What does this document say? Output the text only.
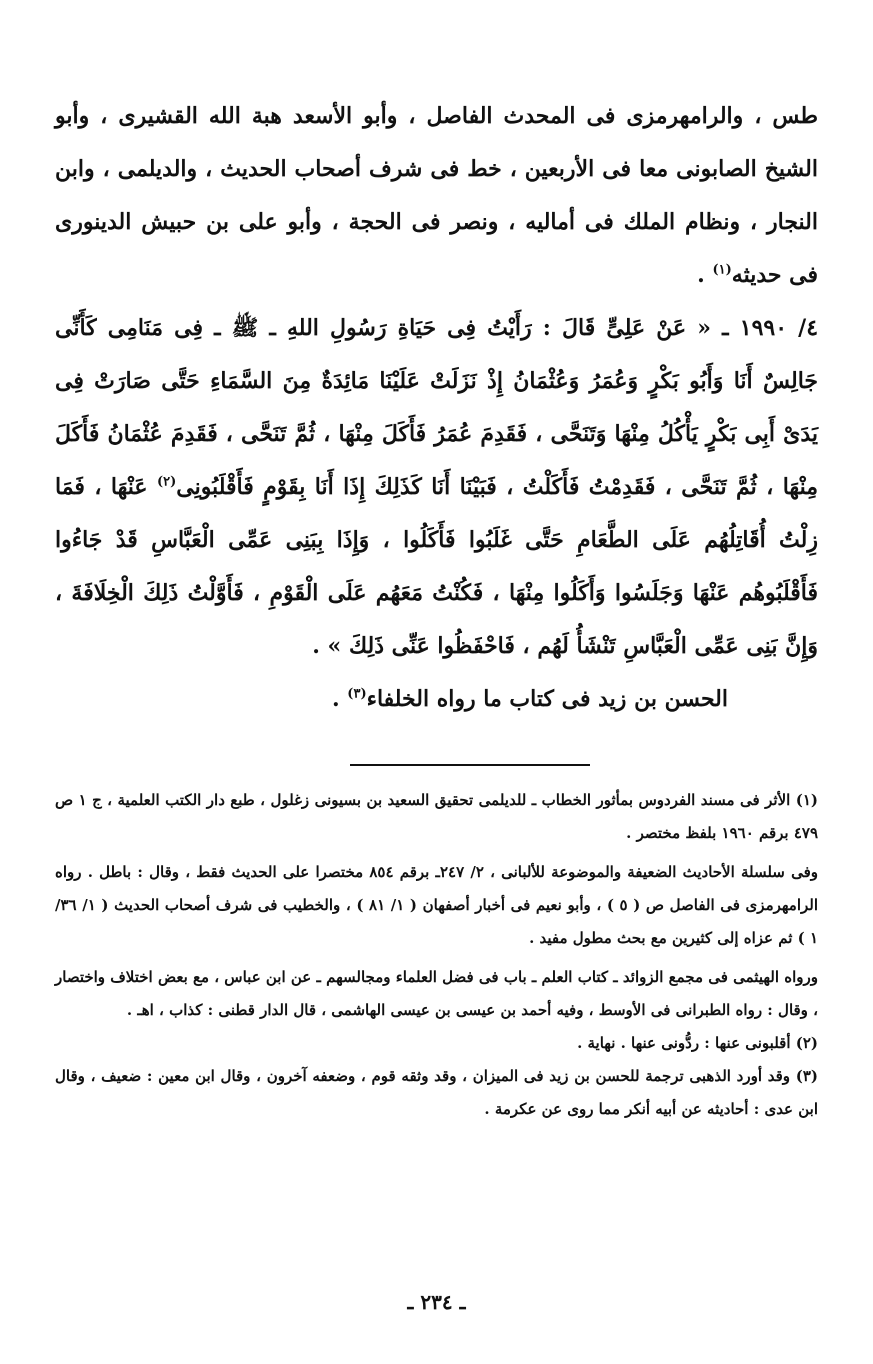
طس ، والرامهرمزى فى المحدث الفاصل ، وأبو الأسعد هبة الله القشيرى ، وأبو الشيخ الصابونى معا فى الأربعين ، خط فى شرف أصحاب الحديث ، والديلمى ، وابن النجار ، ونظام الملك فى أماليه ، ونصر فى الحجة ، وأبو على بن حبيش الدينورى فى حديثه$^{(١)}$ .

٤/ ١٩٩٠ ـ « عَنْ عَلِىٍّ قَالَ : رَأَيْتُ فِى حَيَاةِ رَسُولِ اللهِ ـ ﷺ ـ فِى مَنَامِى كَأَنِّى جَالِسٌ أَنَا وَأَبُو بَكْرٍ وَعُمَرُ وَعُثْمَانُ إِذْ نَزَلَتْ عَلَيْنَا مَائِدَةٌ مِنَ السَّمَاءِ حَتَّى صَارَتْ فِى يَدَىْ أَبِى بَكْرٍ يَأْكُلُ مِنْهَا وَتَنَحَّى ، فَقَدِمَ عُمَرُ فَأَكَلَ مِنْهَا ، ثُمَّ تَنَحَّى ، فَقَدِمَ عُثْمَانُ فَأَكَلَ مِنْهَا ، ثُمَّ تَنَحَّى ، فَقَدِمْتُ فَأَكَلْتُ ، فَبَيْنَا أَنَا كَذَلِكَ إِذَا أَنَا بِقَوْمٍ فَأَقْلَبُونِى$^{(٢)}$ عَنْهَا ، فَمَا زِلْتُ أُقَاتِلُهُم عَلَى الطَّعَامِ حَتَّى غَلَبُوا فَأَكَلُوا ، وَإِذَا بِبَنِى عَمِّى الْعَبَّاسِ قَدْ جَاءُوا فَأَقْلَبُوهُم عَنْهَا وَجَلَسُوا وَأَكَلُوا مِنْهَا ، فَكُنْتُ مَعَهُم عَلَى الْقَوْمِ ، فَأَوَّلْتُ ذَلِكَ الْخِلَافَةَ ، وَإِنَّ بَنِى عَمِّى الْعَبَّاسِ تَنْشَأُ لَهُم ، فَاحْفَظُوا عَنِّى ذَلِكَ » .

الحسن بن زيد فى كتاب ما رواه الخلفاء$^{(٣)}$ .

(١) الأثر فى مسند الفردوس بمأثور الخطاب ـ للديلمى تحقيق السعيد بن بسيونى زغلول ، طبع دار الكتب العلمية ، ج ١ ص ٤٧٩ برقم ١٩٦٠ بلفظ مختصر .

وفى سلسلة الأحاديث الضعيفة والموضوعة للألبانى ، ٢/ ٢٤٧ـ برقم ٨٥٤ مختصرا على الحديث فقط ، وقال : باطل . رواه الرامهرمزى فى الفاصل ص ( ٥ ) ، وأبو نعيم فى أخبار أصفهان ( ١/ ٨١ ) ، والخطيب فى شرف أصحاب الحديث ( ١/ ٣٦/ ١ ) ثم عزاه إلى كثيرين مع بحث مطول مفيد .

ورواه الهيثمى فى مجمع الزوائد ـ كتاب العلم ـ باب فى فضل العلماء ومجالسهم ـ عن ابن عباس ، مع بعض اختلاف واختصار ، وقال : رواه الطبرانى فى الأوسط ، وفيه أحمد بن عيسى بن عيسى الهاشمى ، قال الدار قطنى : كذاب ، اهـ .

(٢) أقلبونى عنها : ردُّونى عنها . نهاية .

(٣) وقد أورد الذهبى ترجمة للحسن بن زيد فى الميزان ، وقد وثقه قوم ، وضعفه آخرون ، وقال ابن معين : ضعيف ، وقال ابن عدى : أحاديثه عن أبيه أنكر مما روى عن عكرمة .

ـ ٢٣٤ ـ
